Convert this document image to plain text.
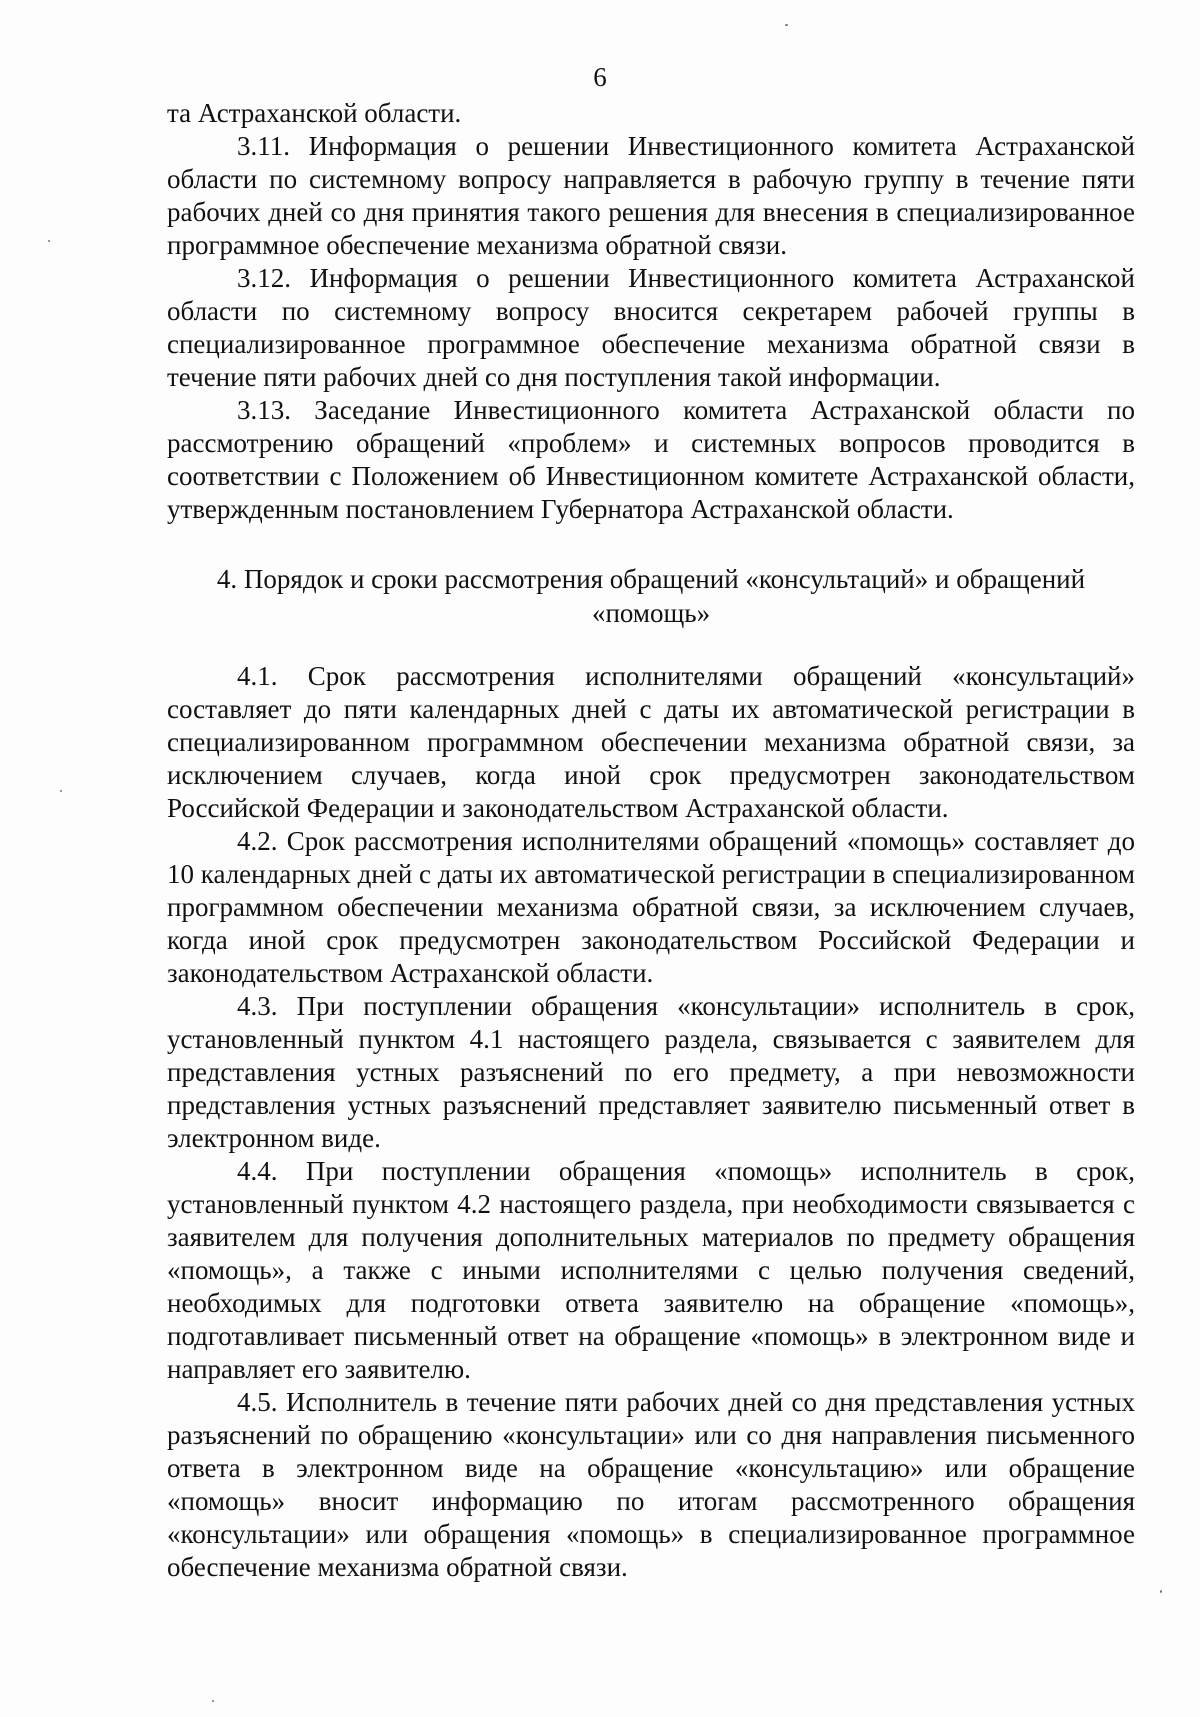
6

та Астраханской области.

3.11. Информация о решении Инвестиционного комитета Астраханской области по системному вопросу направляется в рабочую группу в течение пяти рабочих дней со дня принятия такого решения для внесения в специализированное программное обеспечение механизма обратной связи.

3.12. Информация о решении Инвестиционного комитета Астраханской области по системному вопросу вносится секретарем рабочей группы в специализированное программное обеспечение механизма обратной связи в течение пяти рабочих дней со дня поступления такой информации.

3.13. Заседание Инвестиционного комитета Астраханской области по рассмотрению обращений «проблем» и системных вопросов проводится в соответствии с Положением об Инвестиционном комитете Астраханской области, утвержденным постановлением Губернатора Астраханской области.

4. Порядок и сроки рассмотрения обращений «консультаций» и обращений «помощь»

4.1. Срок рассмотрения исполнителями обращений «консультаций» составляет до пяти календарных дней с даты их автоматической регистрации в специализированном программном обеспечении механизма обратной связи, за исключением случаев, когда иной срок предусмотрен законодательством Российской Федерации и законодательством Астраханской области.

4.2. Срок рассмотрения исполнителями обращений «помощь» составляет до 10 календарных дней с даты их автоматической регистрации в специализированном программном обеспечении механизма обратной связи, за исключением случаев, когда иной срок предусмотрен законодательством Российской Федерации и законодательством Астраханской области.

4.3. При поступлении обращения «консультации» исполнитель в срок, установленный пунктом 4.1 настоящего раздела, связывается с заявителем для представления устных разъяснений по его предмету, а при невозможности представления устных разъяснений представляет заявителю письменный ответ в электронном виде.

4.4. При поступлении обращения «помощь» исполнитель в срок, установленный пунктом 4.2 настоящего раздела, при необходимости связывается с заявителем для получения дополнительных материалов по предмету обращения «помощь», а также с иными исполнителями с целью получения сведений, необходимых для подготовки ответа заявителю на обращение «помощь», подготавливает письменный ответ на обращение «помощь» в электронном виде и направляет его заявителю.

4.5. Исполнитель в течение пяти рабочих дней со дня представления устных разъяснений по обращению «консультации» или со дня направления письменного ответа в электронном виде на обращение «консультацию» или обращение «помощь» вносит информацию по итогам рассмотренного обращения «консультации» или обращения «помощь» в специализированное программное обеспечение механизма обратной связи.
